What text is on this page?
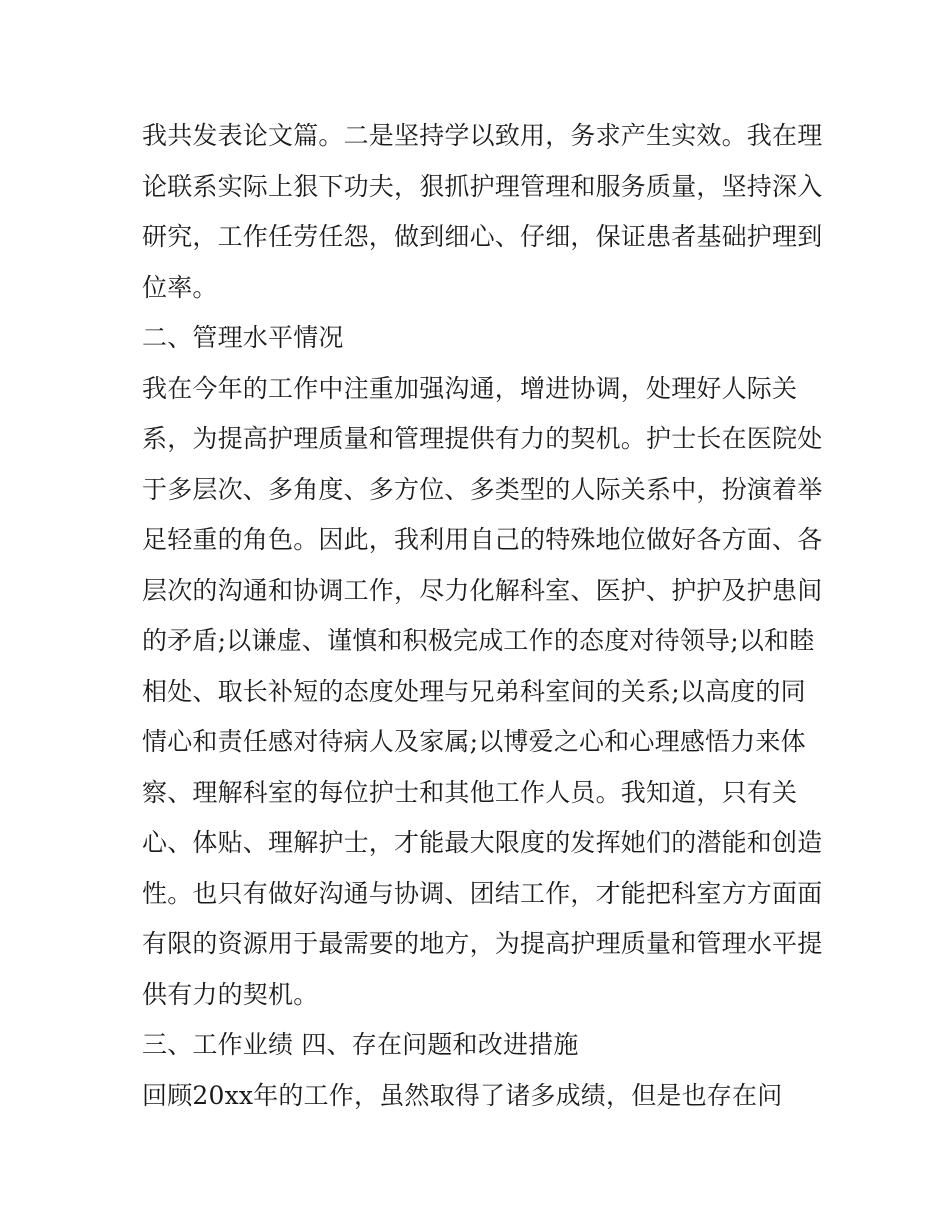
我共发表论文篇。二是坚持学以致用，务求产生实效。我在理
论联系实际上狠下功夫，狠抓护理管理和服务质量，坚持深入
研究，工作任劳任怨，做到细心、仔细，保证患者基础护理到
位率。
二、管理水平情况
我在今年的工作中注重加强沟通，增进协调，处理好人际关
系，为提高护理质量和管理提供有力的契机。护士长在医院处
于多层次、多角度、多方位、多类型的人际关系中，扮演着举
足轻重的角色。因此，我利用自己的特殊地位做好各方面、各
层次的沟通和协调工作，尽力化解科室、医护、护护及护患间
的矛盾;以谦虚、谨慎和积极完成工作的态度对待领导;以和睦
相处、取长补短的态度处理与兄弟科室间的关系;以高度的同
情心和责任感对待病人及家属;以博爱之心和心理感悟力来体
察、理解科室的每位护士和其他工作人员。我知道，只有关
心、体贴、理解护士，才能最大限度的发挥她们的潜能和创造
性。也只有做好沟通与协调、团结工作，才能把科室方方面面
有限的资源用于最需要的地方，为提高护理质量和管理水平提
供有力的契机。
三、工作业绩 四、存在问题和改进措施
回顾20xx年的工作，虽然取得了诸多成绩，但是也存在问
